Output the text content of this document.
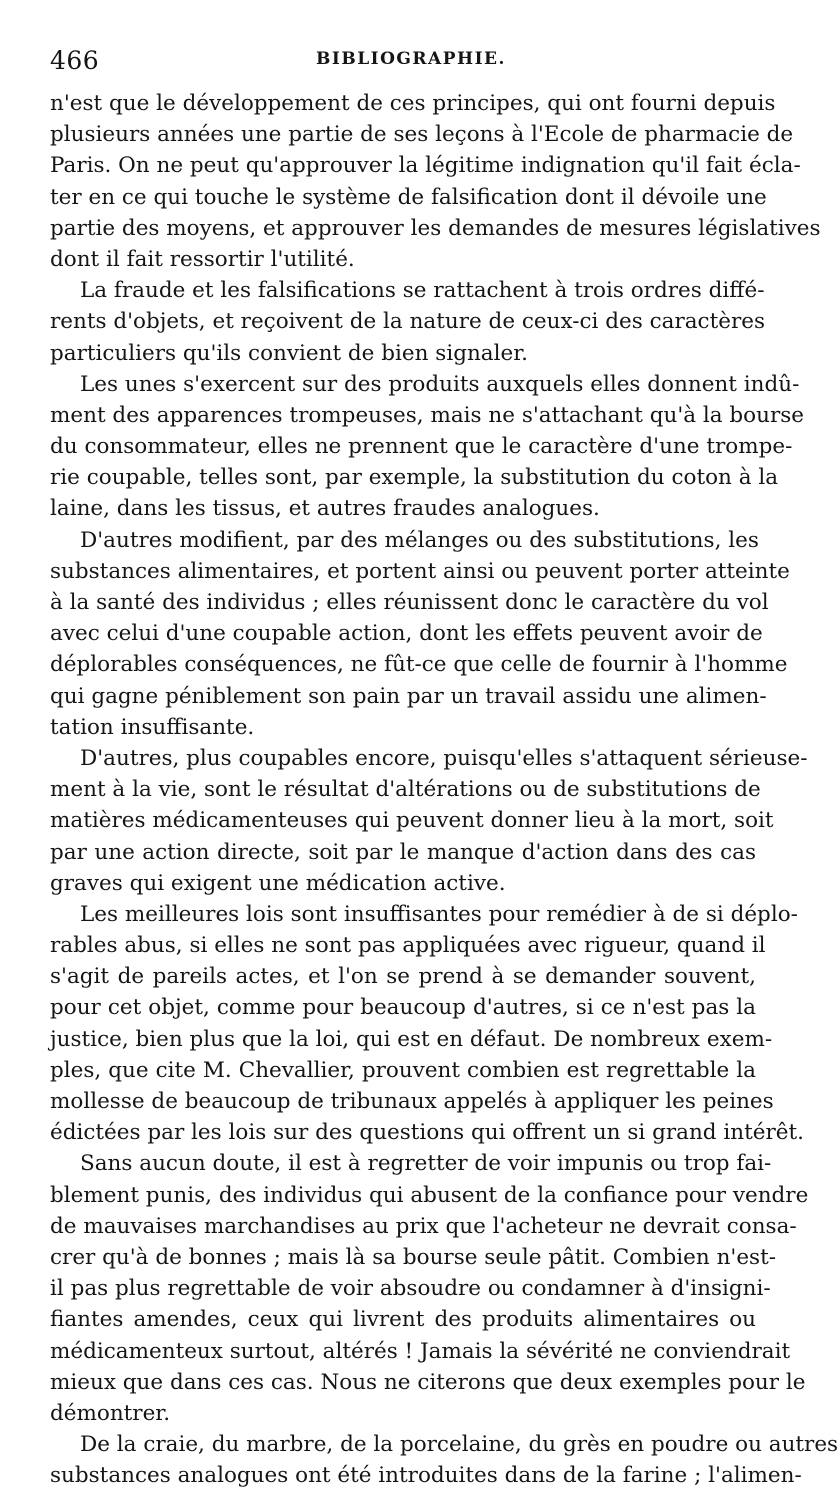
466	BIBLIOGRAPHIE.
n'est que le développement de ces principes, qui ont fourni depuis
plusieurs années une partie de ses leçons à l'Ecole de pharmacie de
Paris. On ne peut qu'approuver la légitime indignation qu'il fait écla-
ter en ce qui touche le système de falsification dont il dévoile une
partie des moyens, et approuver les demandes de mesures législatives
dont il fait ressortir l'utilité.
La fraude et les falsifications se rattachent à trois ordres diffé-
rents d'objets, et reçoivent de la nature de ceux-ci des caractères
particuliers qu'ils convient de bien signaler.
Les unes s'exercent sur des produits auxquels elles donnent indû-
ment des apparences trompeuses, mais ne s'attachant qu'à la bourse
du consommateur, elles ne prennent que le caractère d'une trompe-
rie coupable, telles sont, par exemple, la substitution du coton à la
laine, dans les tissus, et autres fraudes analogues.
D'autres modifient, par des mélanges ou des substitutions, les
substances alimentaires, et portent ainsi ou peuvent porter atteinte
à la santé des individus ; elles réunissent donc le caractère du vol
avec celui d'une coupable action, dont les effets peuvent avoir de
déplorables conséquences, ne fût-ce que celle de fournir à l'homme
qui gagne péniblement son pain par un travail assidu une alimen-
tation insuffisante.
D'autres, plus coupables encore, puisqu'elles s'attaquent sérieuse-
ment à la vie, sont le résultat d'altérations ou de substitutions de
matières médicamenteuses qui peuvent donner lieu à la mort, soit
par une action directe, soit par le manque d'action dans des cas
graves qui exigent une médication active.
Les meilleures lois sont insuffisantes pour remédier à de si déplo-
rables abus, si elles ne sont pas appliquées avec rigueur, quand il
s'agit de pareils actes, et l'on se prend à se demander souvent,
pour cet objet, comme pour beaucoup d'autres, si ce n'est pas la
justice, bien plus que la loi, qui est en défaut. De nombreux exem-
ples, que cite M. Chevallier, prouvent combien est regrettable la
mollesse de beaucoup de tribunaux appelés à appliquer les peines
édictées par les lois sur des questions qui offrent un si grand intérêt.
Sans aucun doute, il est à regretter de voir impunis ou trop fai-
blement punis, des individus qui abusent de la confiance pour vendre
de mauvaises marchandises au prix que l'acheteur ne devrait consa-
crer qu'à de bonnes ; mais là sa bourse seule pâtit. Combien n'est-
il pas plus regrettable de voir absoudre ou condamner à d'insigni-
fiantes amendes, ceux qui livrent des produits alimentaires ou
médicamenteux surtout, altérés ! Jamais la sévérité ne conviendrait
mieux que dans ces cas. Nous ne citerons que deux exemples pour le
démontrer.
De la craie, du marbre, de la porcelaine, du grès en poudre ou autres
substances analogues ont été introduites dans de la farine ; l'alimen-
